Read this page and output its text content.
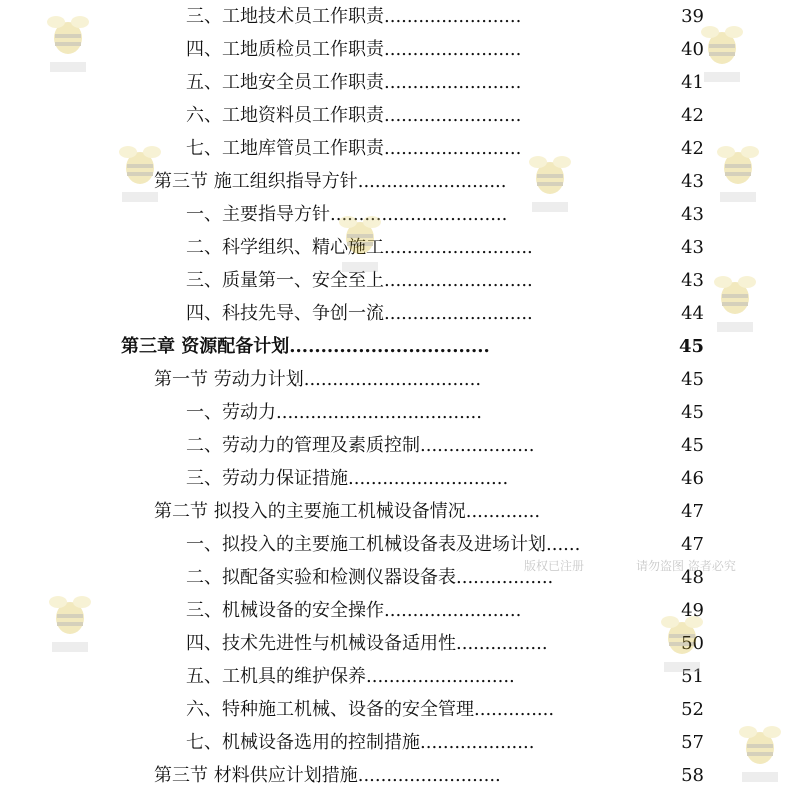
三、工地技术员工作职责........................	39
四、工地质检员工作职责........................	40
五、工地安全员工作职责........................	41
六、工地资料员工作职责........................	42
七、工地库管员工作职责........................	42
第三节 施工组织指导方针..........................	43
一、主要指导方针...............................	43
二、科学组织、精心施工..........................	43
三、质量第一、安全至上..........................	43
四、科技先导、争创一流..........................	44
第三章 资源配备计划................................	45
第一节 劳动力计划...............................	45
一、劳动力....................................	45
二、劳动力的管理及素质控制....................	45
三、劳动力保证措施............................	46
第二节 拟投入的主要施工机械设备情况.............	47
一、拟投入的主要施工机械设备表及进场计划......	47
二、拟配备实验和检测仪器设备表.................	48
三、机械设备的安全操作........................	49
四、技术先进性与机械设备适用性................	50
五、工机具的维护保养..........................	51
六、特种施工机械、设备的安全管理..............	52
七、机械设备选用的控制措施....................	57
第三节 材料供应计划措施.........................	58
版权已注册	请勿盗图 盗者必究
